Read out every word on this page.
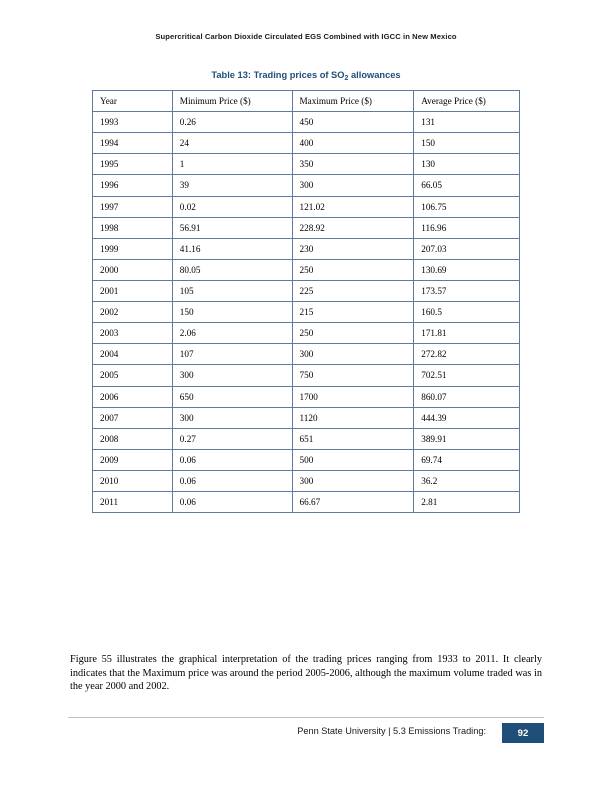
Supercritical Carbon Dioxide Circulated EGS Combined with IGCC in New Mexico
Table 13: Trading prices of $SO_2$ allowances
Year	Minimum Price ($)	Maximum Price ($)	Average Price ($)
1993	0.26	450	131
1994	24	400	150
1995	1	350	130
1996	39	300	66.05
1997	0.02	121.02	106.75
1998	56.91	228.92	116.96
1999	41.16	230	207.03
2000	80.05	250	130.69
2001	105	225	173.57
2002	150	215	160.5
2003	2.06	250	171.81
2004	107	300	272.82
2005	300	750	702.51
2006	650	1700	860.07
2007	300	1120	444.39
2008	0.27	651	389.91
2009	0.06	500	69.74
2010	0.06	300	36.2
2011	0.06	66.67	2.81

Figure 55 illustrates the graphical interpretation of the trading prices ranging from 1933 to 2011. It clearly indicates that the Maximum price was around the period 2005-2006, although the maximum volume traded was in the year 2000 and 2002.

Penn State University | 5.3 Emissions Trading:	92
